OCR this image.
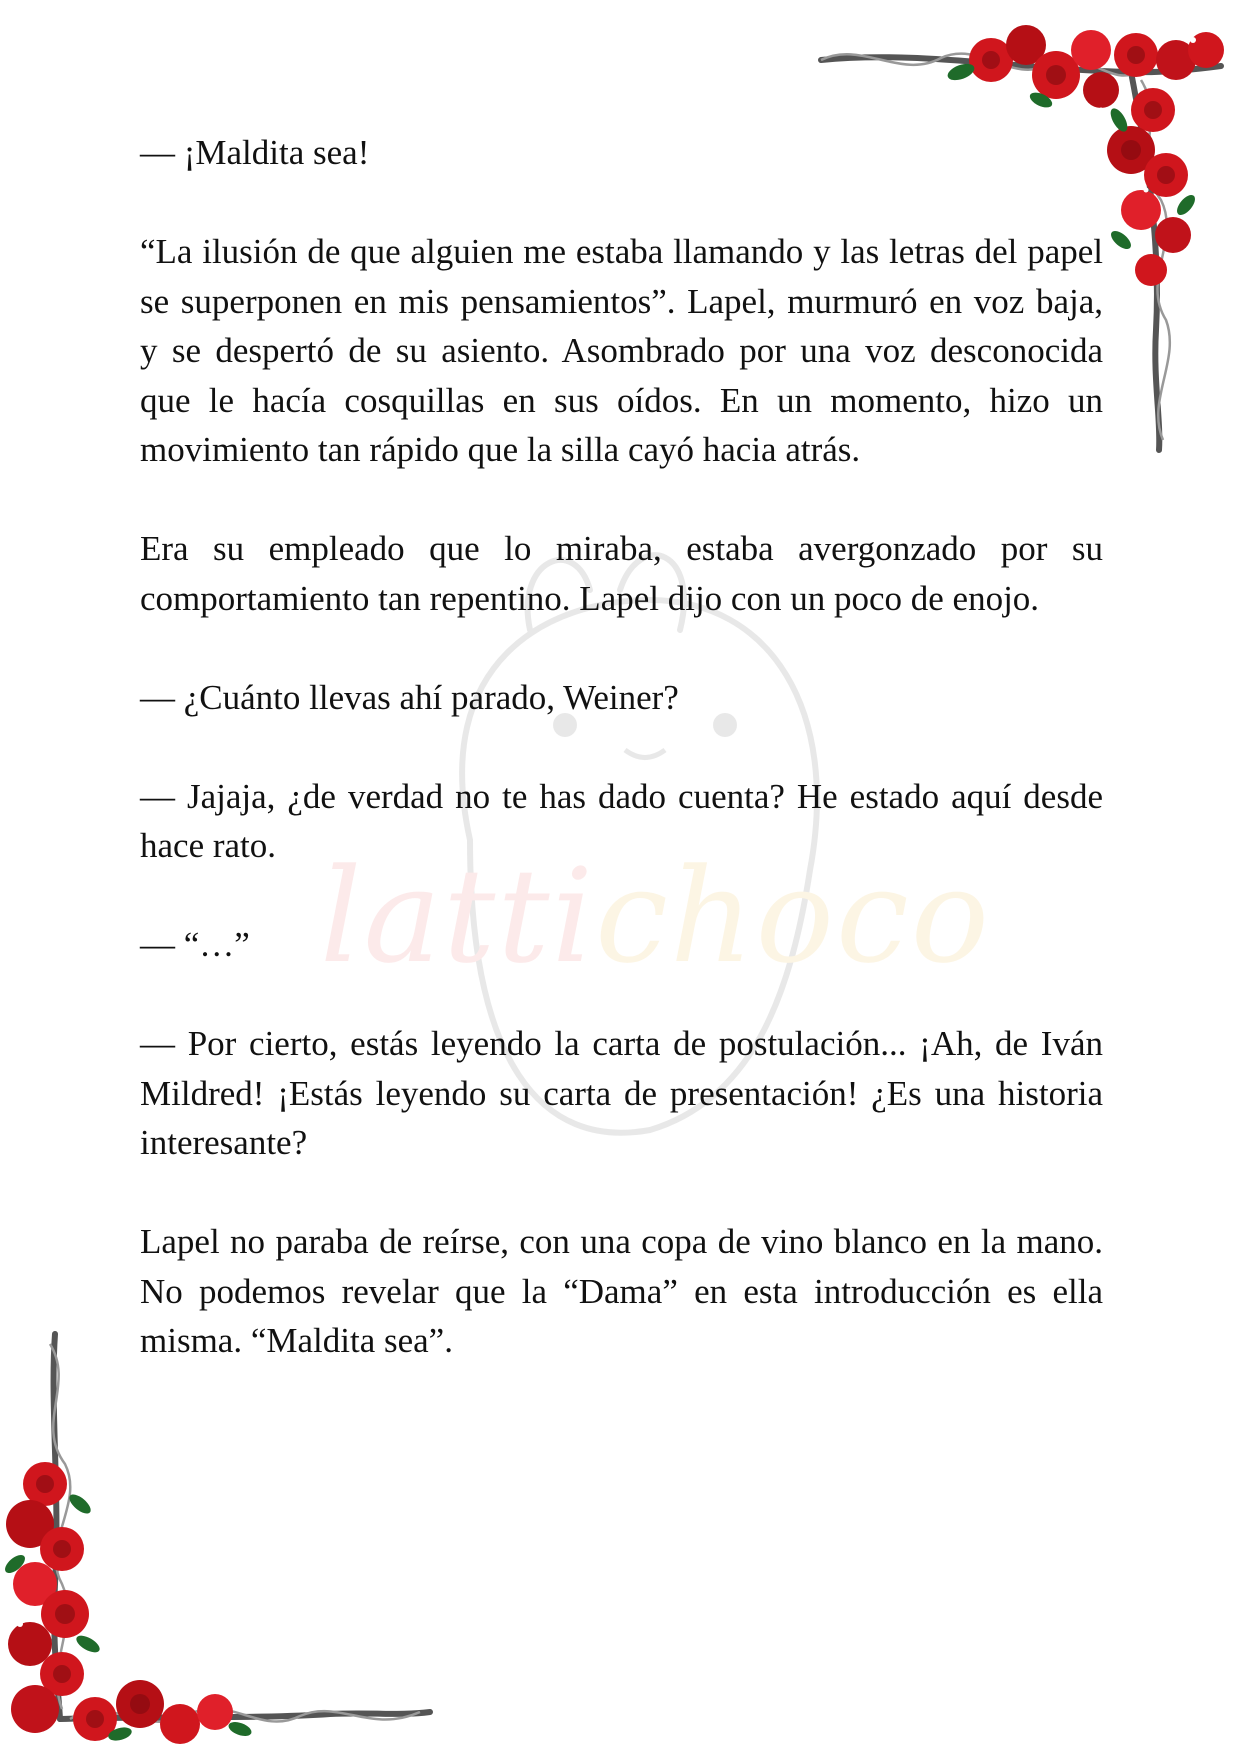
lattichoco

— ¡Maldita sea!

“La ilusión de que alguien me estaba llamando y las letras del papel se superponen en mis pensamientos”. Lapel, murmuró en voz baja, y se despertó de su asiento. Asombrado por una voz desconocida que le hacía cosquillas en sus oídos. En un momento, hizo un movimiento tan rápido que la silla cayó hacia atrás.

Era su empleado que lo miraba, estaba avergonzado por su comportamiento tan repentino. Lapel dijo con un poco de enojo.

— ¿Cuánto llevas ahí parado, Weiner?

— Jajaja, ¿de verdad no te has dado cuenta? He estado aquí desde hace rato.

— “…”

— Por cierto, estás leyendo la carta de postulación... ¡Ah, de Iván Mildred! ¡Estás leyendo su carta de presentación! ¿Es una historia interesante?

Lapel no paraba de reírse, con una copa de vino blanco en la mano. No podemos revelar que la “Dama” en esta introducción es ella misma. “Maldita sea”.
